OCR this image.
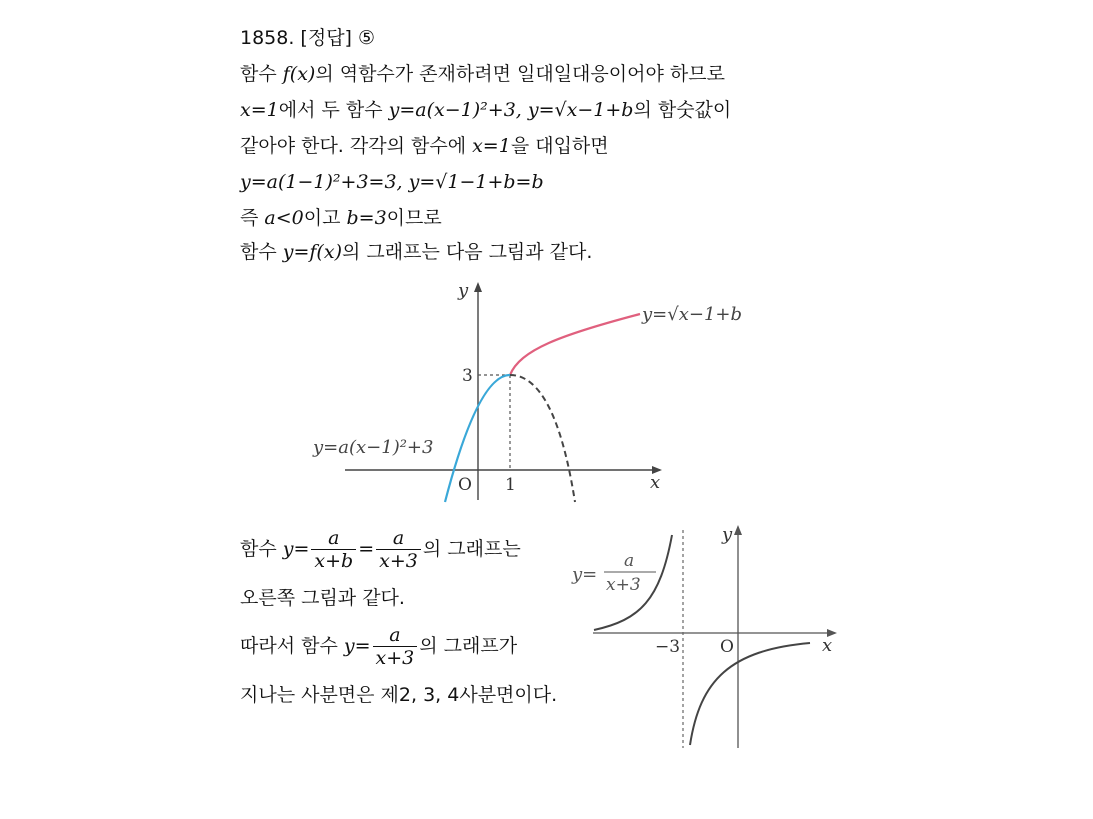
1858. [정답] ⑤
함수 f(x)의 역함수가 존재하려면 일대일대응이어야 하므로
x=1에서 두 함수 y=a(x−1)²+3, y=√x−1+b의 함숫값이
같아야 한다. 각각의 함수에 x=1을 대입하면
y=a(1−1)²+3=3, y=√1−1+b=b
즉 a<0이고 b=3이므로
함수 y=f(x)의 그래프는 다음 그림과 같다.
y
x
O 1
3
y=√x−1+b
y=a(x−1)²+3
y
x
O
−3
y=
a
x+3
함수 $y= \frac{a}{x+b} = \frac{a}{x+3}$ 의 그래프는
오른쪽 그림과 같다.
따라서 함수 $y= \frac{a}{x+3}$ 의 그래프가
지나는 사분면은 제2, 3, 4사분면이다.
